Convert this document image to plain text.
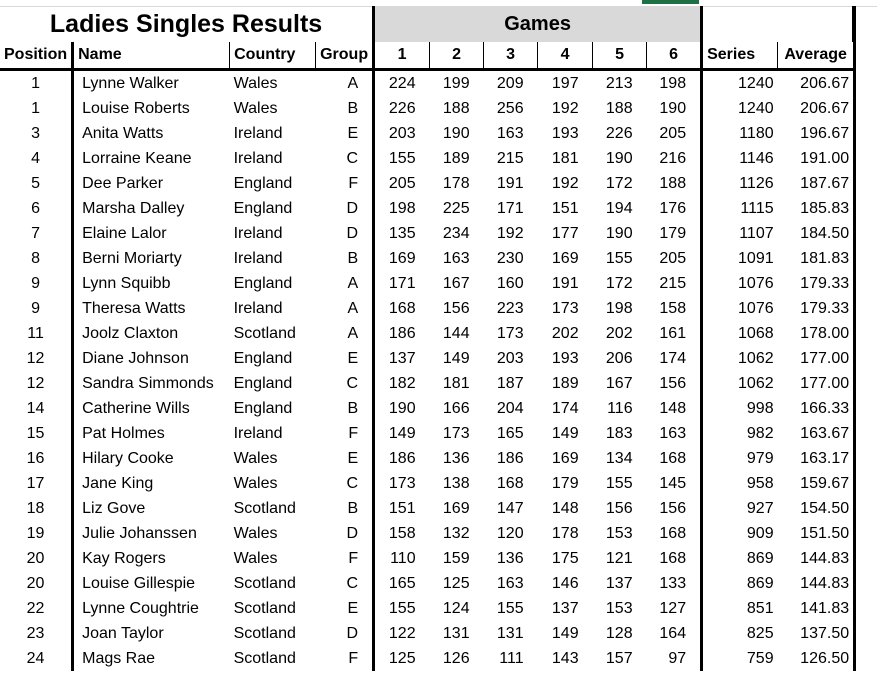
Ladies Singles Results				Games							
Position	Name	Country	Group	1	2	3	4	5	6	Series	Average
1	Lynne Walker	Wales	A	224	199	209	197	213	198	1240	206.67
1	Louise Roberts	Wales	B	226	188	256	192	188	190	1240	206.67
3	Anita Watts	Ireland	E	203	190	163	193	226	205	1180	196.67
4	Lorraine Keane	Ireland	C	155	189	215	181	190	216	1146	191.00
5	Dee Parker	England	F	205	178	191	192	172	188	1126	187.67
6	Marsha Dalley	England	D	198	225	171	151	194	176	1115	185.83
7	Elaine Lalor	Ireland	D	135	234	192	177	190	179	1107	184.50
8	Berni Moriarty	Ireland	B	169	163	230	169	155	205	1091	181.83
9	Lynn Squibb	England	A	171	167	160	191	172	215	1076	179.33
9	Theresa Watts	Ireland	A	168	156	223	173	198	158	1076	179.33
11	Joolz Claxton	Scotland	A	186	144	173	202	202	161	1068	178.00
12	Diane Johnson	England	E	137	149	203	193	206	174	1062	177.00
12	Sandra Simmonds	England	C	182	181	187	189	167	156	1062	177.00
14	Catherine Wills	England	B	190	166	204	174	116	148	998	166.33
15	Pat Holmes	Ireland	F	149	173	165	149	183	163	982	163.67
16	Hilary Cooke	Wales	E	186	136	186	169	134	168	979	163.17
17	Jane King	Wales	C	173	138	168	179	155	145	958	159.67
18	Liz Gove	Scotland	B	151	169	147	148	156	156	927	154.50
19	Julie Johanssen	Wales	D	158	132	120	178	153	168	909	151.50
20	Kay Rogers	Wales	F	110	159	136	175	121	168	869	144.83
20	Louise Gillespie	Scotland	C	165	125	163	146	137	133	869	144.83
22	Lynne Coughtrie	Scotland	E	155	124	155	137	153	127	851	141.83
23	Joan Taylor	Scotland	D	122	131	131	149	128	164	825	137.50
24	Mags Rae	Scotland	F	125	126	111	143	157	97	759	126.50
